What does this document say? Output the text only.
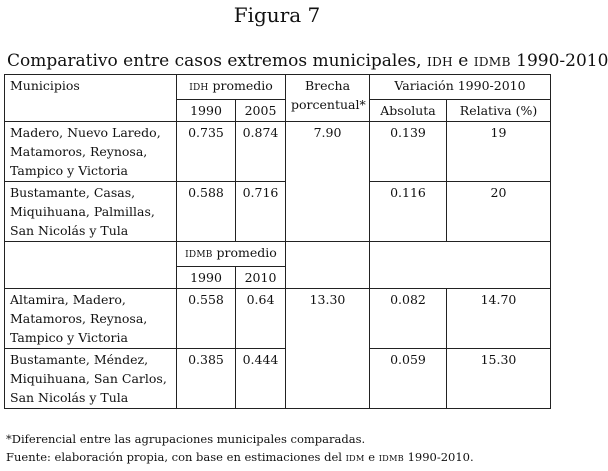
Figura 7
Comparativo entre casos extremos municipales, IDH e IDMB 1990-2010
Municipios	IDH promedio		Brecha porcentual*	Variación 1990-2010	
	1990	2005		Absoluta	Relativa (%)
Madero, Nuevo Laredo, Matamoros, Reynosa, Tampico y Victoria	0.735	0.874	7.90	0.139	19
Bustamante, Casas, Miquihuana, Palmillas, San Nicolás y Tula	0.588	0.716		0.116	20
	IDMB promedio				
	1990	2010			
Altamira, Madero, Matamoros, Reynosa, Tampico y Victoria	0.558	0.64	13.30	0.082	14.70
Bustamante, Méndez, Miquihuana, San Carlos, San Nicolás y Tula	0.385	0.444		0.059	15.30
*Diferencial entre las agrupaciones municipales comparadas.
Fuente: elaboración propia, con base en estimaciones del IDM e IDMB 1990-2010.
